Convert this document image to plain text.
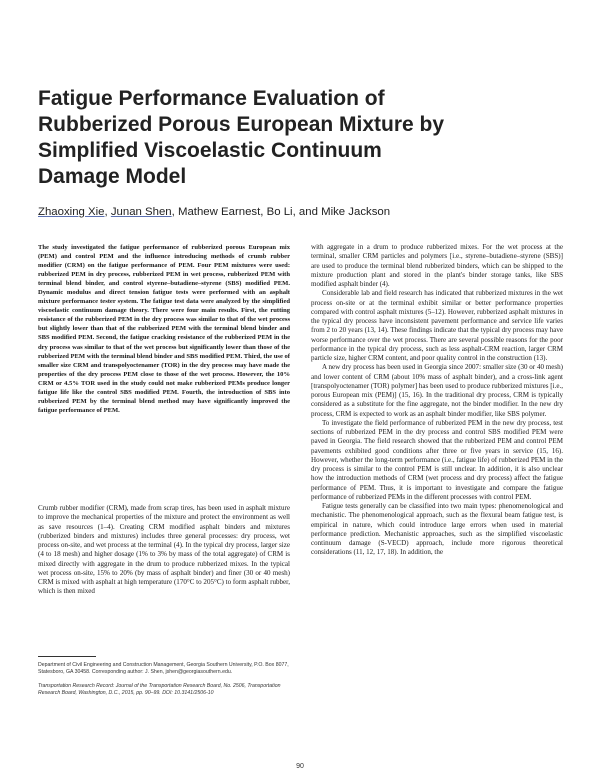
Fatigue Performance Evaluation of Rubberized Porous European Mixture by Simplified Viscoelastic Continuum Damage Model
Zhaoxing Xie, Junan Shen, Mathew Earnest, Bo Li, and Mike Jackson

The study investigated the fatigue performance of rubberized porous European mix (PEM) and control PEM and the influence introducing methods of crumb rubber modifier (CRM) on the fatigue performance of PEM. Four PEM mixtures were used: rubberized PEM in dry process, rubberized PEM in wet process, rubberized PEM with terminal blend binder, and control styrene–butadiene–styrene (SBS) modified PEM. Dynamic modulus and direct tension fatigue tests were performed with an asphalt mixture performance tester system. The fatigue test data were analyzed by the simplified viscoelastic continuum damage theory. There were four main results. First, the rutting resistance of the rubberized PEM in the dry process was similar to that of the wet process but slightly lower than that of the rubberized PEM with the terminal blend binder and SBS modified PEM. Second, the fatigue cracking resistance of the rubberized PEM in the dry process was similar to that of the wet process but significantly lower than those of the rubberized PEM with the terminal blend binder and SBS modified PEM. Third, the use of smaller size CRM and transpolyoctenamer (TOR) in the dry process may have made the properties of the dry process PEM close to those of the wet process. However, the 10% CRM or 4.5% TOR used in the study could not make rubberized PEMs produce longer fatigue life like the control SBS modified PEM. Fourth, the introduction of SBS into rubberized PEM by the terminal blend method may have significantly improved the fatigue performance of PEM.

Crumb rubber modifier (CRM), made from scrap tires, has been used in asphalt mixture to improve the mechanical properties of the mixture and protect the environment as well as save resources (1–4). Creating CRM modified asphalt binders and mixtures (rubberized binders and mixtures) includes three general processes: dry process, wet process on-site, and wet process at the terminal (4). In the typical dry process, larger size (4 to 18 mesh) and higher dosage (1% to 3% by mass of the total aggregate) of CRM is mixed directly with aggregate in the drum to produce rubberized mixes. In the typical wet process on-site, 15% to 20% (by mass of asphalt binder) and finer (30 or 40 mesh) CRM is mixed with asphalt at high temperature (170°C to 205°C) to form asphalt rubber, which is then mixed

Department of Civil Engineering and Construction Management, Georgia Southern University, P.O. Box 8077, Statesboro, GA 30458. Corresponding author: J. Shen, jshen@georgiasouthern.edu.

Transportation Research Record: Journal of the Transportation Research Board, No. 2506, Transportation Research Board, Washington, D.C., 2015, pp. 90–99. DOI: 10.3141/2506-10

with aggregate in a drum to produce rubberized mixes. For the wet process at the terminal, smaller CRM particles and polymers [i.e., styrene–butadiene–styrene (SBS)] are used to produce the terminal blend rubberized binders, which can be shipped to the mixture production plant and stored in the plant's binder storage tanks, like SBS modified asphalt binder (4).

Considerable lab and field research has indicated that rubberized mixtures in the wet process on-site or at the terminal exhibit similar or better performance properties compared with control asphalt mixtures (5–12). However, rubberized asphalt mixtures in the typical dry process have inconsistent pavement performance and service life varies from 2 to 20 years (13, 14). These findings indicate that the typical dry process may have worse performance over the wet process. There are several possible reasons for the poor performance in the typical dry process, such as less asphalt-CRM reaction, larger CRM particle size, higher CRM content, and poor quality control in the construction (13).

A new dry process has been used in Georgia since 2007: smaller size (30 or 40 mesh) and lower content of CRM (about 10% mass of asphalt binder), and a cross-link agent [transpolyoctenamer (TOR) polymer] has been used to produce rubberized mixtures [i.e., porous European mix (PEM)] (15, 16). In the traditional dry process, CRM is typically considered as a substitute for the fine aggregate, not the binder modifier. In the new dry process, CRM is expected to work as an asphalt binder modifier, like SBS polymer.

To investigate the field performance of rubberized PEM in the new dry process, test sections of rubberized PEM in the dry process and control SBS modified PEM were paved in Georgia. The field research showed that the rubberized PEM and control PEM pavements exhibited good conditions after three or five years in service (15, 16). However, whether the long-term performance (i.e., fatigue life) of rubberized PEM in the dry process is similar to the control PEM is still unclear. In addition, it is also unclear how the introduction methods of CRM (wet process and dry process) affect the fatigue performance of PEM. Thus, it is important to investigate and compare the fatigue performance of rubberized PEMs in the different processes with control PEM.

Fatigue tests generally can be classified into two main types: phenomenological and mechanistic. The phenomenological approach, such as the flexural beam fatigue test, is empirical in nature, which could introduce large errors when used in material performance prediction. Mechanistic approaches, such as the simplified viscoelastic continuum damage (S-VECD) approach, include more rigorous theoretical considerations (11, 12, 17, 18). In addition, the

90
